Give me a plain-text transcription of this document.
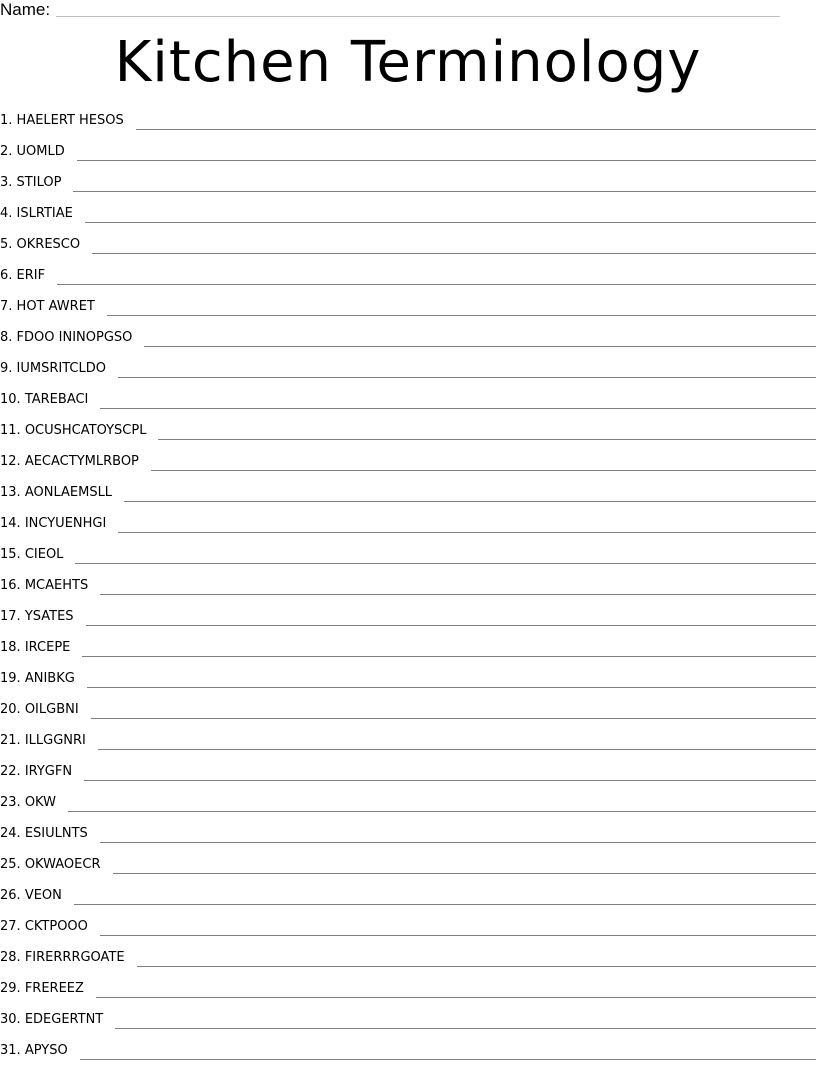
Name:
Kitchen Terminology
1. HAELERT HESOS
2. UOMLD
3. STILOP
4. ISLRTIAE
5. OKRESCO
6. ERIF
7. HOT AWRET
8. FDOO ININOPGSO
9. IUMSRITCLDO
10. TAREBACI
11. OCUSHCATOYSCPL
12. AECACTYMLRBOP
13. AONLAEMSLL
14. INCYUENHGI
15. CIEOL
16. MCAEHTS
17. YSATES
18. IRCEPE
19. ANIBKG
20. OILGBNI
21. ILLGGNRI
22. IRYGFN
23. OKW
24. ESIULNTS
25. OKWAOECR
26. VEON
27. CKTPOOO
28. FIRERRRGOATE
29. FREREEZ
30. EDEGERTNT
31. APYSO
